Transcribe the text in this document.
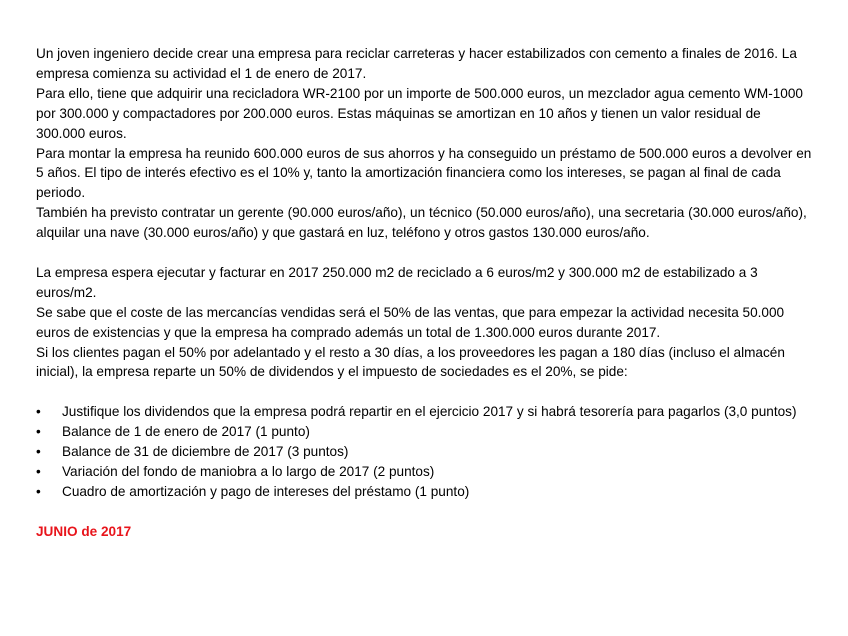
Un joven ingeniero decide crear una empresa para reciclar carreteras y hacer estabilizados con cemento a finales de 2016. La empresa comienza su actividad el 1 de enero de 2017.

Para ello, tiene que adquirir una recicladora WR-2100 por un importe de 500.000 euros, un mezclador agua cemento WM-1000 por 300.000 y compactadores por 200.000 euros. Estas máquinas se amortizan en 10 años y tienen un valor residual de 300.000 euros.

Para montar la empresa ha reunido 600.000 euros de sus ahorros y ha conseguido un préstamo de 500.000 euros a devolver en 5 años. El tipo de interés efectivo es el 10% y, tanto la amortización financiera como los intereses, se pagan al final de cada periodo.

También ha previsto contratar un gerente (90.000 euros/año), un técnico (50.000 euros/año), una secretaria (30.000 euros/año), alquilar una nave (30.000 euros/año) y que gastará en luz, teléfono y otros gastos 130.000 euros/año.

La empresa espera ejecutar y facturar en 2017 250.000 m2 de reciclado a 6 euros/m2 y 300.000 m2 de estabilizado a 3 euros/m2.

Se sabe que el coste de las mercancías vendidas será el 50% de las ventas, que para empezar la actividad necesita 50.000 euros de existencias y que la empresa ha comprado además un total de 1.300.000 euros durante 2017.

Si los clientes pagan el 50% por adelantado y el resto a 30 días, a los proveedores les pagan a 180 días (incluso el almacén inicial), la empresa reparte un 50% de dividendos y el impuesto de sociedades es el 20%, se pide:

• Justifique los dividendos que la empresa podrá repartir en el ejercicio 2017 y si habrá tesorería para pagarlos (3,0 puntos)
• Balance de 1 de enero de 2017 (1 punto)
• Balance de 31 de diciembre de 2017 (3 puntos)
• Variación del fondo de maniobra a lo largo de 2017 (2 puntos)
• Cuadro de amortización y pago de intereses del préstamo (1 punto)

JUNIO de 2017
